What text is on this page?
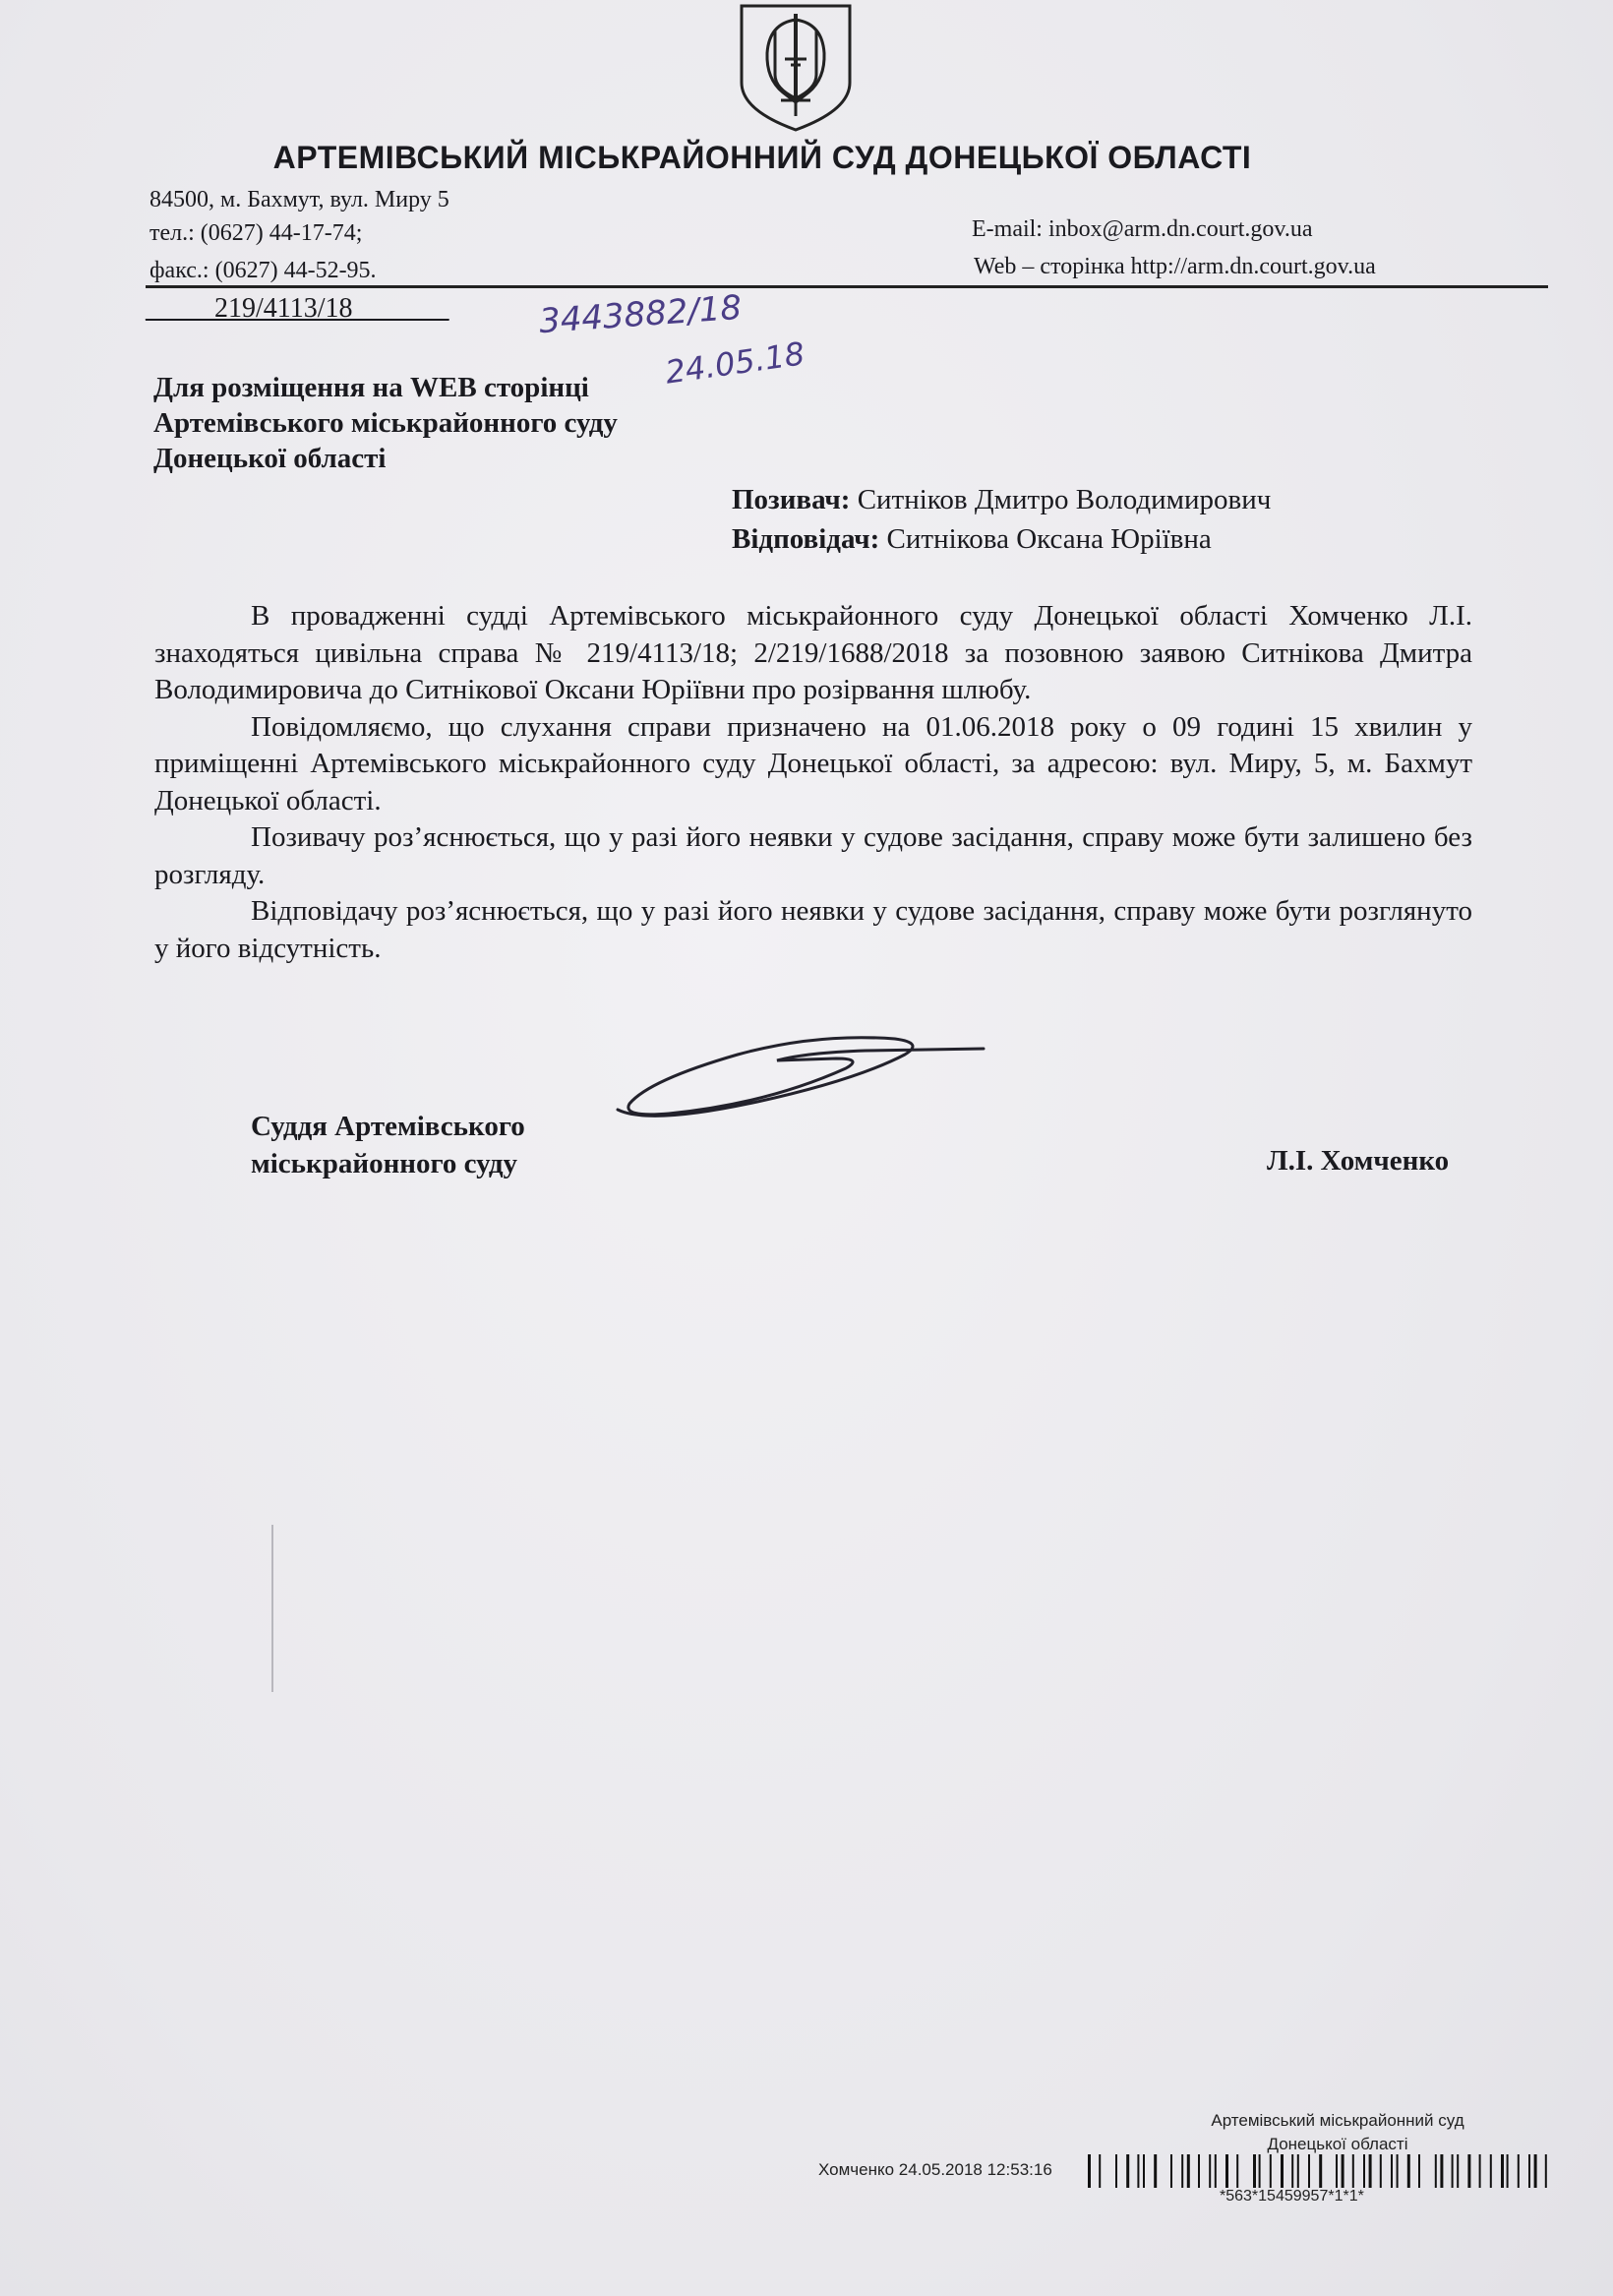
АРТЕМІВСЬКИЙ МІСЬКРАЙОННИЙ СУД ДОНЕЦЬКОЇ ОБЛАСТІ
84500, м. Бахмут, вул. Миру 5
тел.: (0627) 44-17-74;
факс.: (0627) 44-52-95.
E-mail: inbox@arm.dn.court.gov.ua
Web – сторінка http://arm.dn.court.gov.ua
_____219/4113/18_______	3443882/18
24.05.18
Для розміщення на WEB сторінці
Артемівського міськрайонного суду
Донецької області
Позивач: Ситніков Дмитро Володимирович
Відповідач: Ситнікова Оксана Юріївна

В провадженні судді Артемівського міськрайонного суду Донецької області Хомченко Л.І. знаходяться цивільна справа № 219/4113/18; 2/219/1688/2018 за позовною заявою Ситнікова Дмитра Володимировича до Ситнікової Оксани Юріївни про розірвання шлюбу.

Повідомляємо, що слухання справи призначено на 01.06.2018 року о 09 годині 15 хвилин у приміщенні Артемівського міськрайонного суду Донецької області, за адресою: вул. Миру, 5, м. Бахмут Донецької області.

Позивачу роз’яснюється, що у разі його неявки у судове засідання, справу може бути залишено без розгляду.

Відповідачу роз’яснюється, що у разі його неявки у судове засідання, справу може бути розглянуто у його відсутність.

Суддя Артемівського
міськрайонного суду	Л.І. Хомченко
Артемівський міськрайонний суд
Донецької області
Хомченко 24.05.2018 12:53:16
*563*15459957*1*1*
